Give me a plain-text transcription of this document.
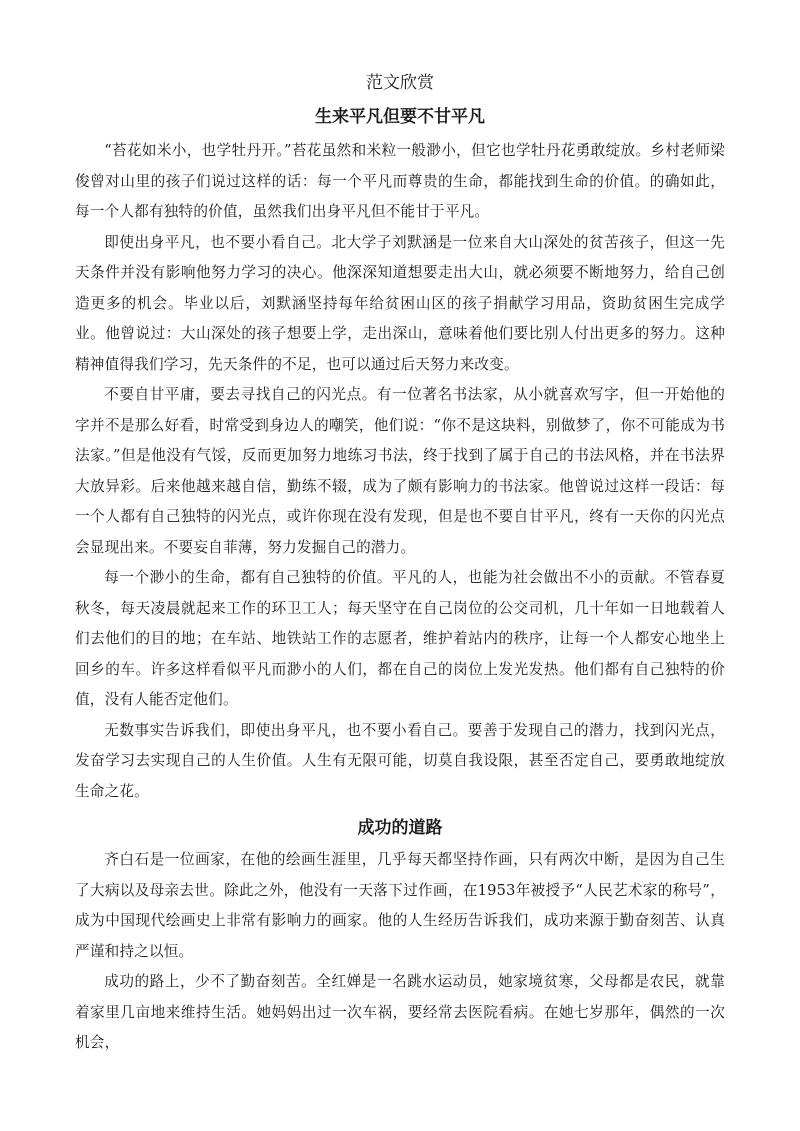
范文欣赏
生来平凡但要不甘平凡

“苔花如米小，也学牡丹开。”苔花虽然和米粒一般渺小，但它也学牡丹花勇敢绽放。乡村老师梁俊曾对山里的孩子们说过这样的话：每一个平凡而尊贵的生命，都能找到生命的价值。的确如此，每一个人都有独特的价值，虽然我们出身平凡但不能甘于平凡。

即使出身平凡，也不要小看自己。北大学子刘默涵是一位来自大山深处的贫苦孩子，但这一先天条件并没有影响他努力学习的决心。他深深知道想要走出大山，就必须要不断地努力，给自己创造更多的机会。毕业以后，刘默涵坚持每年给贫困山区的孩子捐献学习用品，资助贫困生完成学业。他曾说过：大山深处的孩子想要上学，走出深山，意味着他们要比别人付出更多的努力。这种精神值得我们学习，先天条件的不足，也可以通过后天努力来改变。

不要自甘平庸，要去寻找自己的闪光点。有一位著名书法家，从小就喜欢写字，但一开始他的字并不是那么好看，时常受到身边人的嘲笑，他们说：“你不是这块料，别做梦了，你不可能成为书法家。”但是他没有气馁，反而更加努力地练习书法，终于找到了属于自己的书法风格，并在书法界大放异彩。后来他越来越自信，勤练不辍，成为了颇有影响力的书法家。他曾说过这样一段话：每一个人都有自己独特的闪光点，或许你现在没有发现，但是也不要自甘平凡，终有一天你的闪光点会显现出来。不要妄自菲薄，努力发掘自己的潜力。

每一个渺小的生命，都有自己独特的价值。平凡的人，也能为社会做出不小的贡献。不管春夏秋冬，每天凌晨就起来工作的环卫工人；每天坚守在自己岗位的公交司机，几十年如一日地载着人们去他们的目的地；在车站、地铁站工作的志愿者，维护着站内的秩序，让每一个人都安心地坐上回乡的车。许多这样看似平凡而渺小的人们，都在自己的岗位上发光发热。他们都有自己独特的价值，没有人能否定他们。

无数事实告诉我们，即使出身平凡，也不要小看自己。要善于发现自己的潜力，找到闪光点，发奋学习去实现自己的人生价值。人生有无限可能，切莫自我设限，甚至否定自己，要勇敢地绽放生命之花。

成功的道路

齐白石是一位画家，在他的绘画生涯里，几乎每天都坚持作画，只有两次中断，是因为自己生了大病以及母亲去世。除此之外，他没有一天落下过作画，在1953年被授予“人民艺术家的称号”，成为中国现代绘画史上非常有影响力的画家。他的人生经历告诉我们，成功来源于勤奋刻苦、认真严谨和持之以恒。

成功的路上，少不了勤奋刻苦。全红婵是一名跳水运动员，她家境贫寒，父母都是农民，就靠着家里几亩地来维持生活。她妈妈出过一次车祸，要经常去医院看病。在她七岁那年，偶然的一次机会，
